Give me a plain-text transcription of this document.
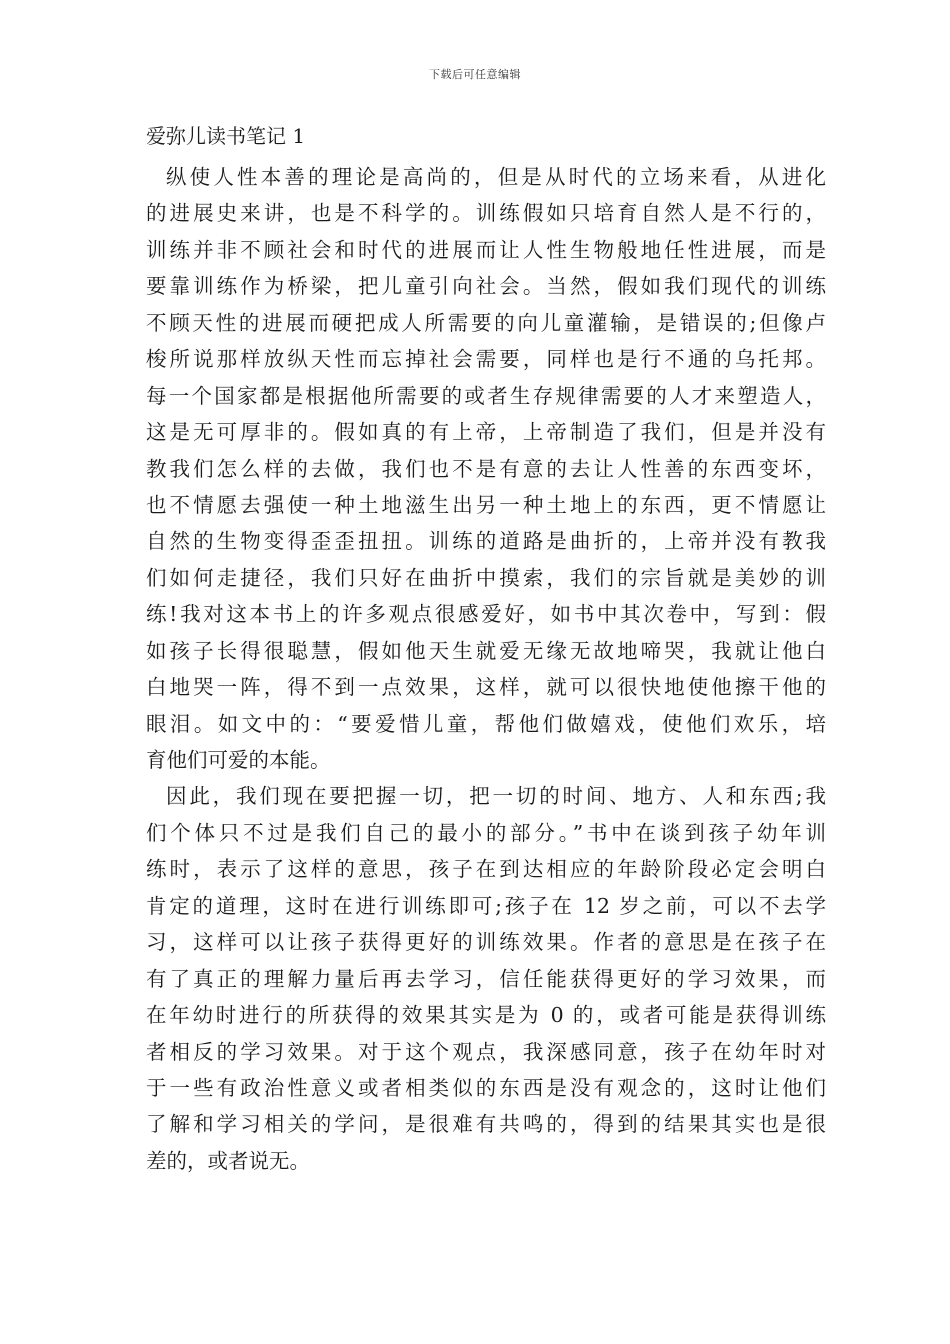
下载后可任意编辑
爱弥儿读书笔记 1
纵使人性本善的理论是高尚的，但是从时代的立场来看，从进化
的进展史来讲，也是不科学的。训练假如只培育自然人是不行的，
训练并非不顾社会和时代的进展而让人性生物般地任性进展，而是
要靠训练作为桥梁，把儿童引向社会。当然，假如我们现代的训练
不顾天性的进展而硬把成人所需要的向儿童灌输，是错误的;但像卢
梭所说那样放纵天性而忘掉社会需要，同样也是行不通的乌托邦。
每一个国家都是根据他所需要的或者生存规律需要的人才来塑造人，
这是无可厚非的。假如真的有上帝，上帝制造了我们，但是并没有
教我们怎么样的去做，我们也不是有意的去让人性善的东西变坏，
也不情愿去强使一种土地滋生出另一种土地上的东西，更不情愿让
自然的生物变得歪歪扭扭。训练的道路是曲折的，上帝并没有教我
们如何走捷径，我们只好在曲折中摸索，我们的宗旨就是美妙的训
练!我对这本书上的许多观点很感爱好，如书中其次卷中，写到：假
如孩子长得很聪慧，假如他天生就爱无缘无故地啼哭，我就让他白
白地哭一阵，得不到一点效果，这样，就可以很快地使他擦干他的
眼泪。如文中的：“要爱惜儿童，帮他们做嬉戏，使他们欢乐，培
育他们可爱的本能。
因此，我们现在要把握一切，把一切的时间、地方、人和东西;我
们个体只不过是我们自己的最小的部分。”书中在谈到孩子幼年训
练时，表示了这样的意思，孩子在到达相应的年龄阶段必定会明白
肯定的道理，这时在进行训练即可;孩子在 12 岁之前，可以不去学
习，这样可以让孩子获得更好的训练效果。作者的意思是在孩子在
有了真正的理解力量后再去学习，信任能获得更好的学习效果，而
在年幼时进行的所获得的效果其实是为 0 的，或者可能是获得训练
者相反的学习效果。对于这个观点，我深感同意，孩子在幼年时对
于一些有政治性意义或者相类似的东西是没有观念的，这时让他们
了解和学习相关的学问，是很难有共鸣的，得到的结果其实也是很
差的，或者说无。
